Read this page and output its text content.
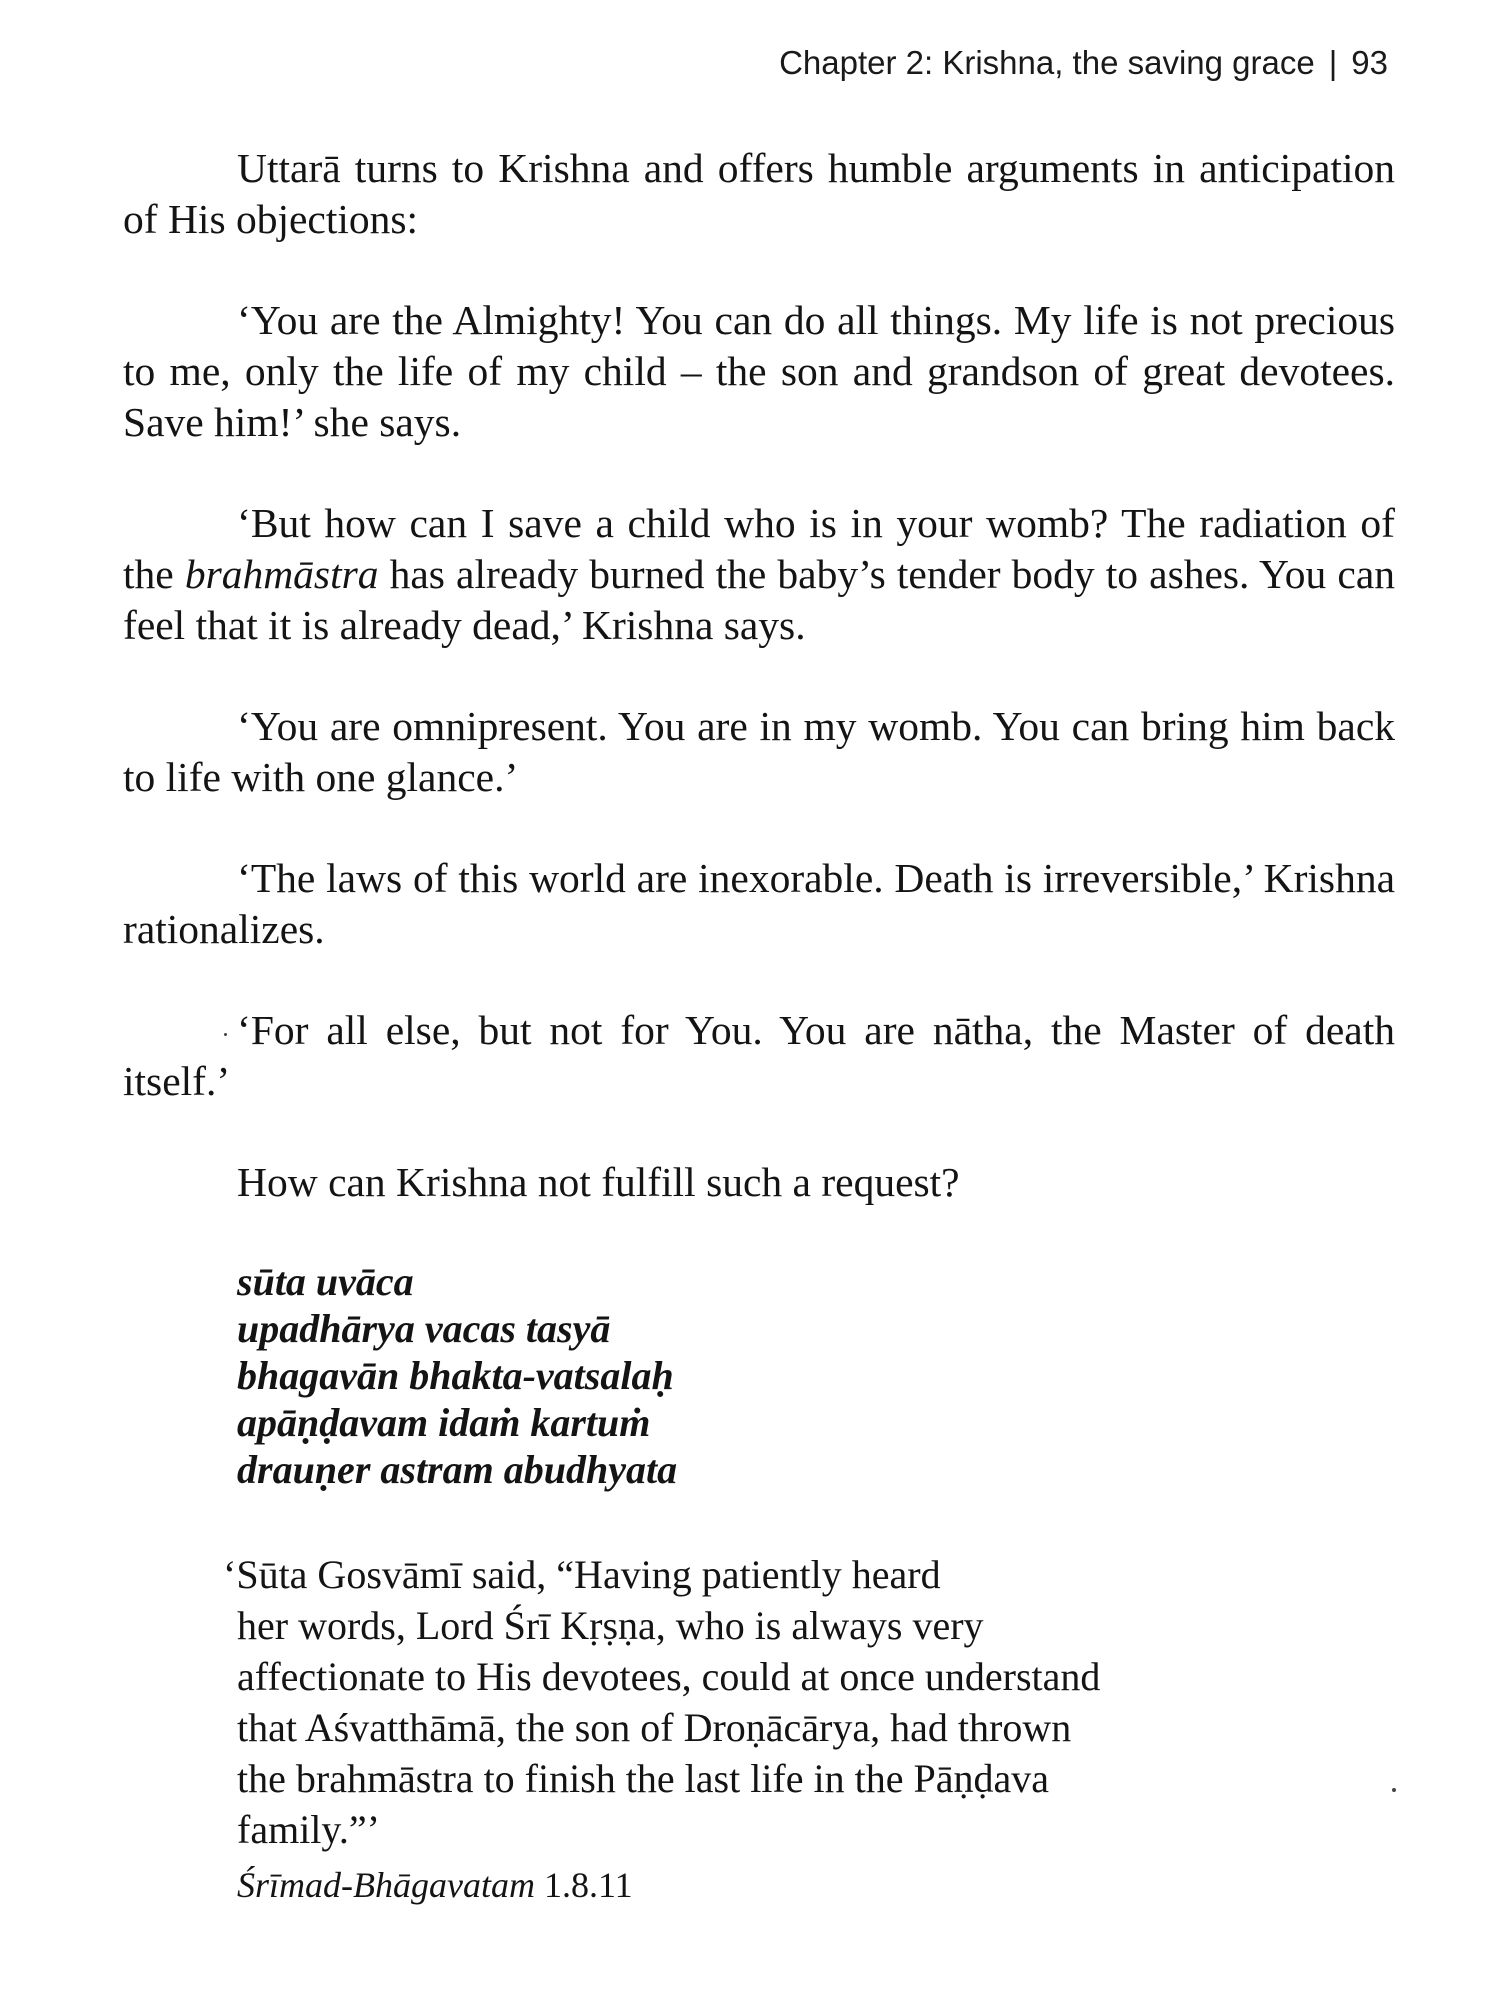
Chapter 2: Krishna, the saving grace | 93

Uttarā turns to Krishna and offers humble arguments in anticipation of His objections:

‘You are the Almighty! You can do all things. My life is not precious to me, only the life of my child – the son and grandson of great devotees. Save him!’ she says.

‘But how can I save a child who is in your womb? The radiation of the brahmāstra has already burned the baby’s tender body to ashes. You can feel that it is already dead,’ Krishna says.

‘You are omnipresent. You are in my womb. You can bring him back to life with one glance.’

‘The laws of this world are inexorable. Death is irreversible,’ Krishna rationalizes.

‘For all else, but not for You. You are nātha, the Master of death itself.’

How can Krishna not fulfill such a request?

sūta uvāca
upadhārya vacas tasyā
bhagavān bhakta-vatsalaḥ
apāṇḍavam idaṁ kartuṁ
drauṇer astram abudhyata
‘Sūta Gosvāmī said, “Having patiently heard
her words, Lord Śrī Kṛṣṇa, who is always very
affectionate to His devotees, could at once understand
that Aśvatthāmā, the son of Droṇācārya, had thrown
the brahmāstra to finish the last life in the Pāṇḍava
family.”’
Śrīmad-Bhāgavatam 1.8.11
